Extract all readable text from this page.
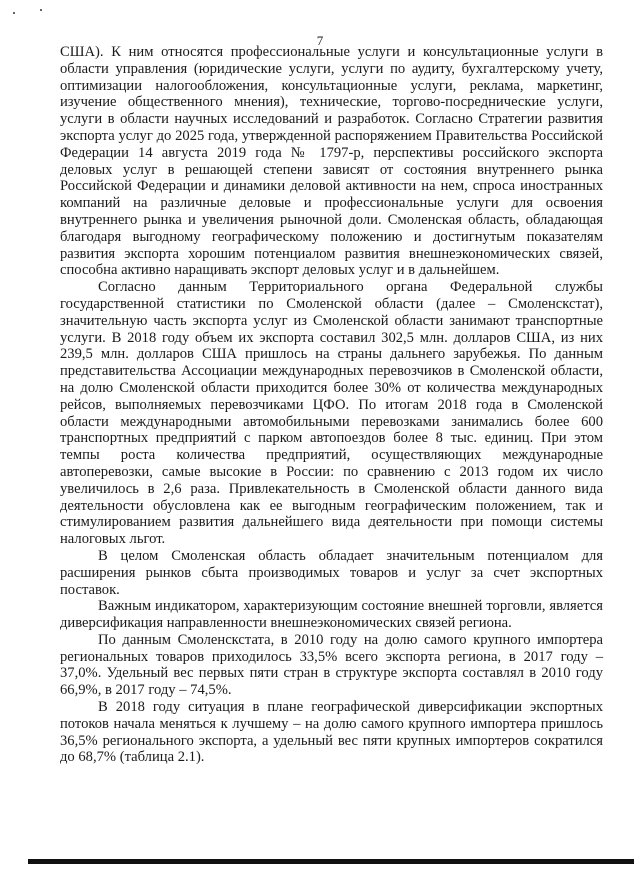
7

США). К ним относятся профессиональные услуги и консультационные услуги в области управления (юридические услуги, услуги по аудиту, бухгалтерскому учету, оптимизации налогообложения, консультационные услуги, реклама, маркетинг, изучение общественного мнения), технические, торгово-посреднические услуги, услуги в области научных исследований и разработок. Согласно Стратегии развития экспорта услуг до 2025 года, утвержденной распоряжением Правительства Российской Федерации 14 августа 2019 года № 1797-р, перспективы российского экспорта деловых услуг в решающей степени зависят от состояния внутреннего рынка Российской Федерации и динамики деловой активности на нем, спроса иностранных компаний на различные деловые и профессиональные услуги для освоения внутреннего рынка и увеличения рыночной доли. Смоленская область, обладающая благодаря выгодному географическому положению и достигнутым показателям развития экспорта хорошим потенциалом развития внешнеэкономических связей, способна активно наращивать экспорт деловых услуг и в дальнейшем.

Согласно данным Территориального органа Федеральной службы государственной статистики по Смоленской области (далее – Смоленскстат), значительную часть экспорта услуг из Смоленской области занимают транспортные услуги. В 2018 году объем их экспорта составил 302,5 млн. долларов США, из них 239,5 млн. долларов США пришлось на страны дальнего зарубежья. По данным представительства Ассоциации международных перевозчиков в Смоленской области, на долю Смоленской области приходится более 30% от количества международных рейсов, выполняемых перевозчиками ЦФО. По итогам 2018 года в Смоленской области международными автомобильными перевозками занимались более 600 транспортных предприятий с парком автопоездов более 8 тыс. единиц. При этом темпы роста количества предприятий, осуществляющих международные автоперевозки, самые высокие в России: по сравнению с 2013 годом их число увеличилось в 2,6 раза. Привлекательность в Смоленской области данного вида деятельности обусловлена как ее выгодным географическим положением, так и стимулированием развития дальнейшего вида деятельности при помощи системы налоговых льгот.

В целом Смоленская область обладает значительным потенциалом для расширения рынков сбыта производимых товаров и услуг за счет экспортных поставок.

Важным индикатором, характеризующим состояние внешней торговли, является диверсификация направленности внешнеэкономических связей региона.

По данным Смоленскстата, в 2010 году на долю самого крупного импортера региональных товаров приходилось 33,5% всего экспорта региона, в 2017 году – 37,0%. Удельный вес первых пяти стран в структуре экспорта составлял в 2010 году 66,9%, в 2017 году – 74,5%.

В 2018 году ситуация в плане географической диверсификации экспортных потоков начала меняться к лучшему – на долю самого крупного импортера пришлось 36,5% регионального экспорта, а удельный вес пяти крупных импортеров сократился до 68,7% (таблица 2.1).
